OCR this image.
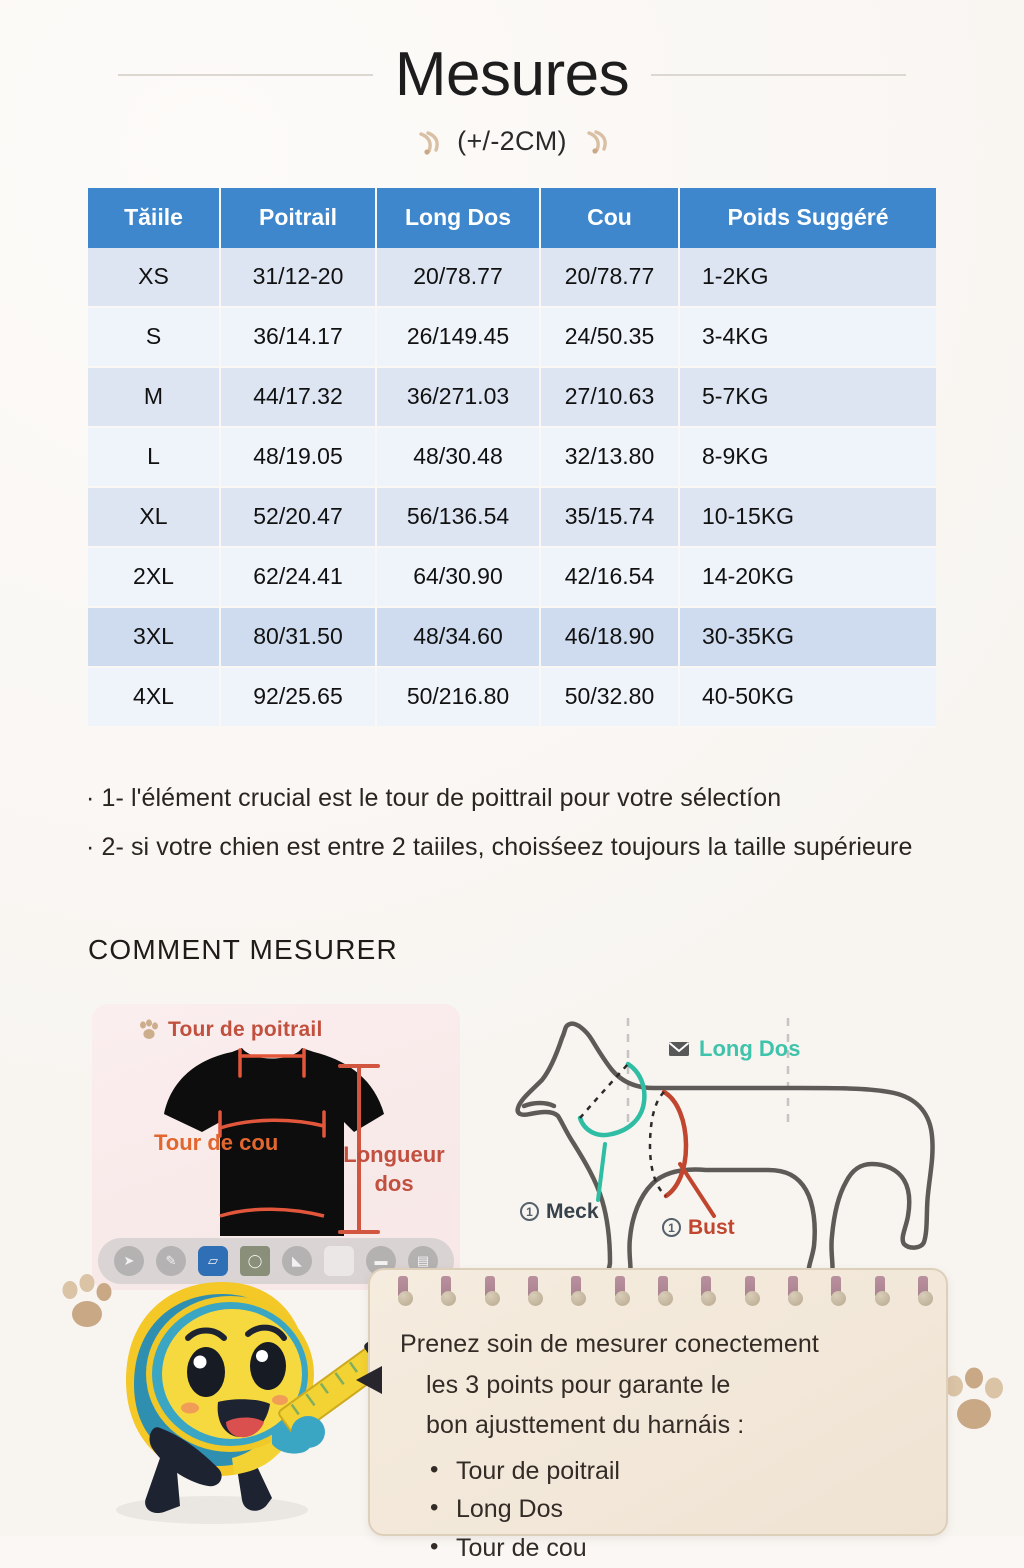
Mesures
(+/-2CM)
Tăiile	Poitrail	Long Dos	Cou	Poids Suggéré
XS	31/12-20	20/78.77	20/78.77	1-2KG
S	36/14.17	26/149.45	24/50.35	3-4KG
M	44/17.32	36/271.03	27/10.63	5-7KG
L	48/19.05	48/30.48	32/13.80	8-9KG
XL	52/20.47	56/136.54	35/15.74	10-15KG
2XL	62/24.41	64/30.90	42/16.54	14-20KG
3XL	80/31.50	48/34.60	46/18.90	30-35KG
4XL	92/25.65	50/216.80	50/32.80	40-50KG
· 1- l'élément crucial est le tour de poittrail pour votre sélectíon
· 2- si votre chien est entre 2 taiiles, choisśeez toujours la taille supérieure
COMMENT MESURER
Tour de poitrail
Tour de cou	Longueur dos
➤	✎	▱	◯	◣	▬	▤
Long Dos
1 Meck
1 Bust
Prenez soin de mesurer conectement
les 3 points pour garante le
bon ajusttement du harnáis :
• Tour de poitrail
• Long Dos
• Tour de cou
